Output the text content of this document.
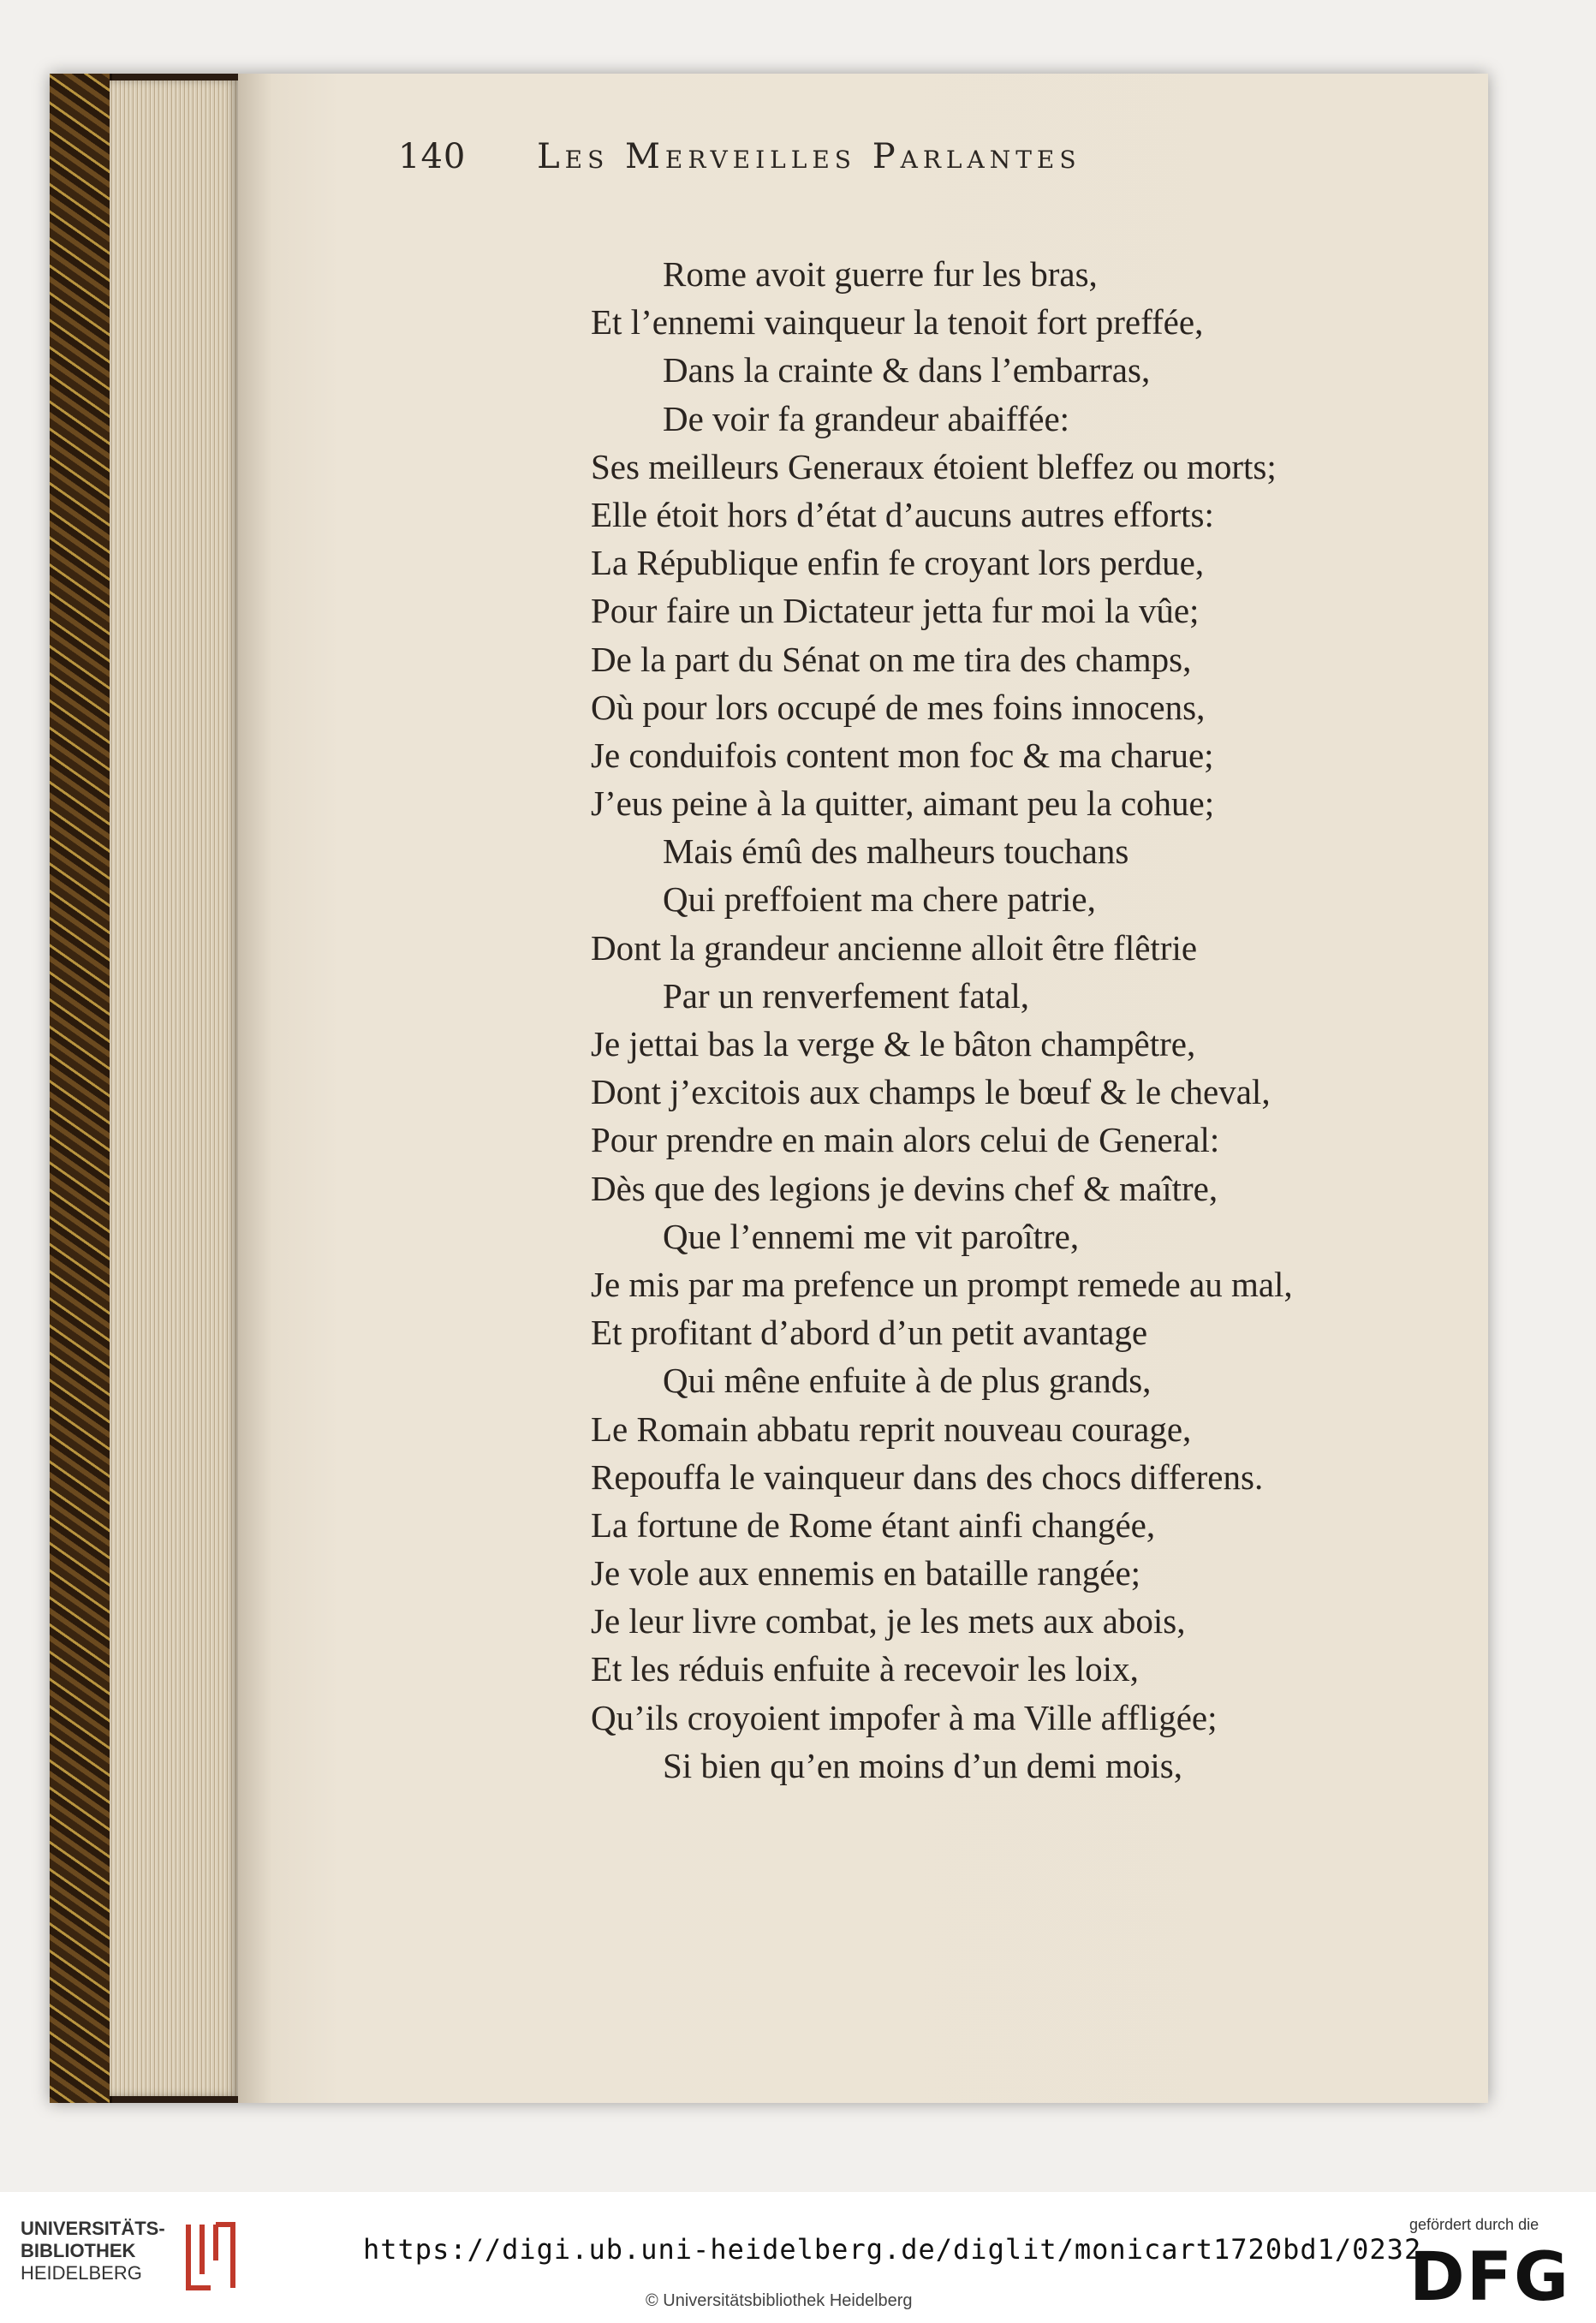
140 Les Merveilles Parlantes
Rome avoit guerre fur les bras,
Et l’ennemi vainqueur la tenoit fort preffée,
Dans la crainte & dans l’embarras,
De voir fa grandeur abaiffée:
Ses meilleurs Generaux étoient bleffez ou morts;
Elle étoit hors d’état d’aucuns autres efforts:
La République enfin fe croyant lors perdue,
Pour faire un Dictateur jetta fur moi la vûe;
De la part du Sénat on me tira des champs,
Où pour lors occupé de mes foins innocens,
Je conduifois content mon foc & ma charue;
J’eus peine à la quitter, aimant peu la cohue;
Mais émû des malheurs touchans
Qui preffoient ma chere patrie,
Dont la grandeur ancienne alloit être flêtrie
Par un renverfement fatal,
Je jettai bas la verge & le bâton champêtre,
Dont j’excitois aux champs le bœuf & le cheval,
Pour prendre en main alors celui de General:
Dès que des legions je devins chef & maître,
Que l’ennemi me vit paroître,
Je mis par ma prefence un prompt remede au mal,
Et profitant d’abord d’un petit avantage
Qui mêne enfuite à de plus grands,
Le Romain abbatu reprit nouveau courage,
Repouffa le vainqueur dans des chocs differens.
La fortune de Rome étant ainfi changée,
Je vole aux ennemis en bataille rangée;
Je leur livre combat, je les mets aux abois,
Et les réduis enfuite à recevoir les loix,
Qu’ils croyoient impofer à ma Ville affligée;
Si bien qu’en moins d’un demi mois,
UNIVERSITÄTS-
BIBLIOTHEK
HEIDELBERG
https://digi.ub.uni-heidelberg.de/diglit/monicart1720bd1/0232
© Universitätsbibliothek Heidelberg
gefördert durch die
DFG
